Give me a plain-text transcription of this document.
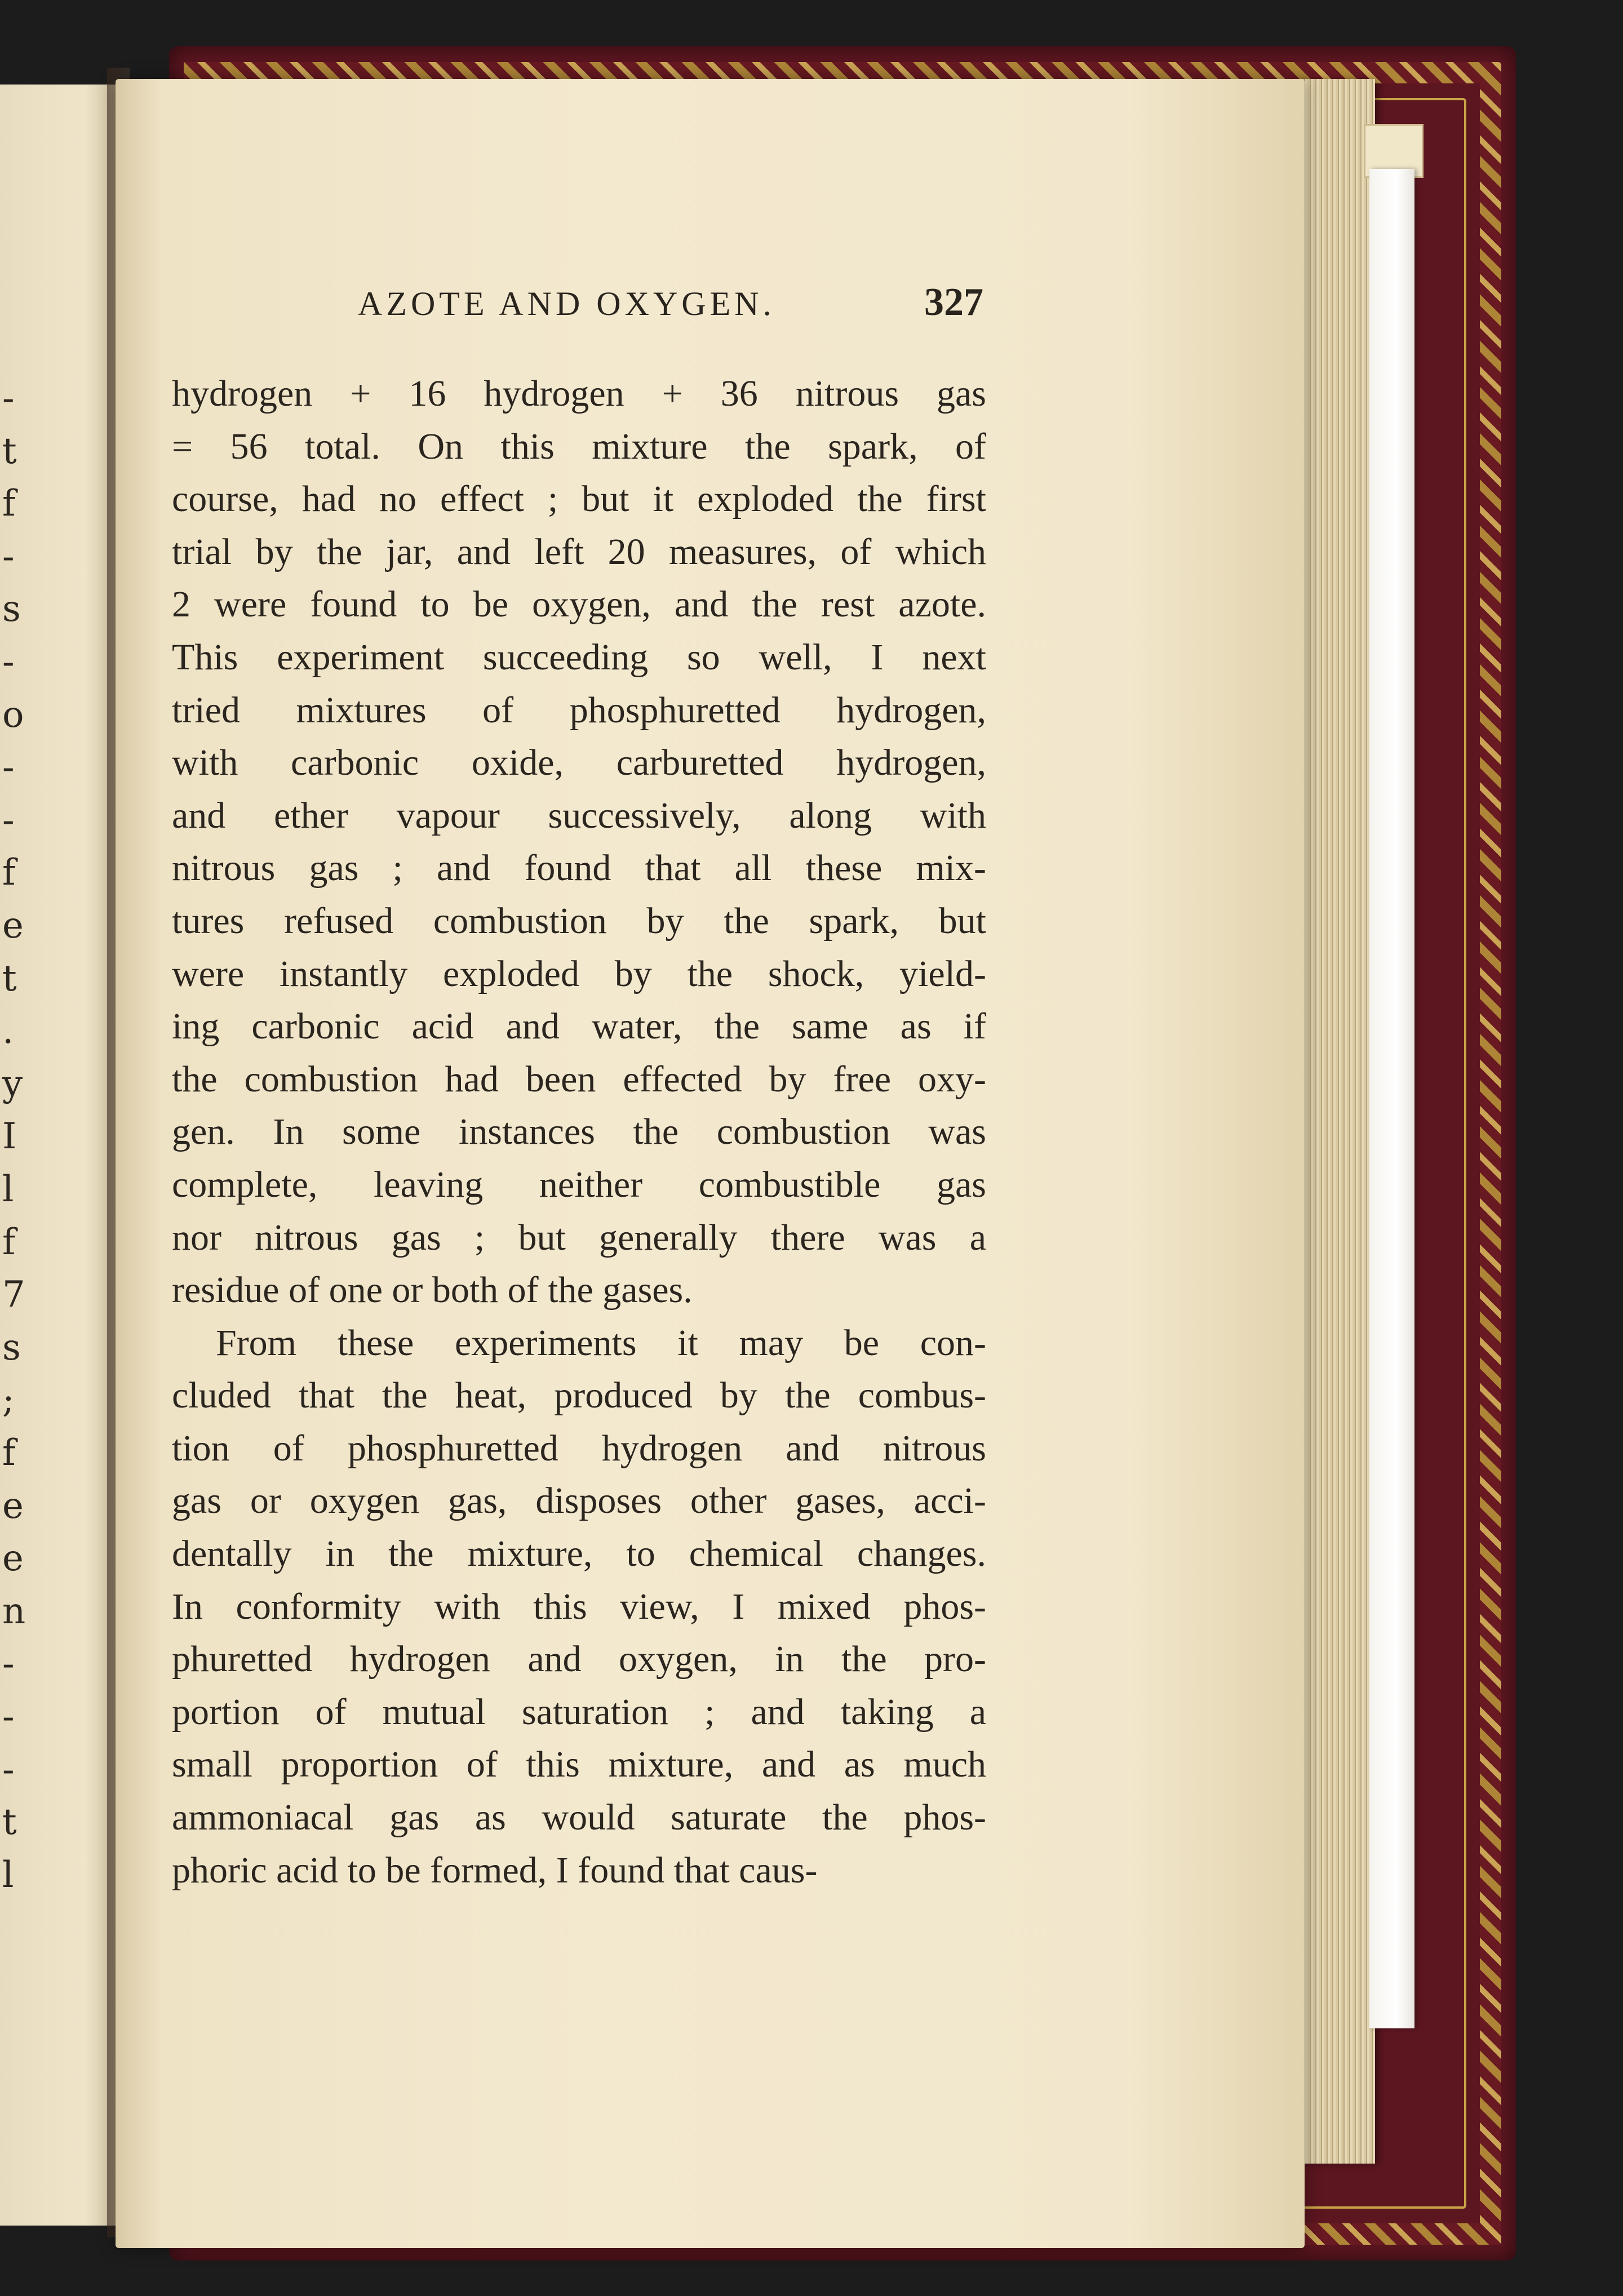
-
t
f
-
s
-
o
-
-
f
e
t
.
y
I
l
f
7
s
;
f
e
e
n
-
-
-
t
l
AZOTE AND OXYGEN.	327
hydrogen + 16 hydrogen + 36 nitrous gas
= 56 total. On this mixture the spark, of
course, had no effect ; but it exploded the first
trial by the jar, and left 20 measures, of which
2 were found to be oxygen, and the rest azote.
This experiment succeeding so well, I next
tried mixtures of phosphuretted hydrogen,
with carbonic oxide, carburetted hydrogen,
and ether vapour successively, along with
nitrous gas ; and found that all these mix-
tures refused combustion by the spark, but
were instantly exploded by the shock, yield-
ing carbonic acid and water, the same as if
the combustion had been effected by free oxy-
gen. In some instances the combustion was
complete, leaving neither combustible gas
nor nitrous gas ; but generally there was a
residue of one or both of the gases.
From these experiments it may be con-
cluded that the heat, produced by the combus-
tion of phosphuretted hydrogen and nitrous
gas or oxygen gas, disposes other gases, acci-
dentally in the mixture, to chemical changes.
In conformity with this view, I mixed phos-
phuretted hydrogen and oxygen, in the pro-
portion of mutual saturation ; and taking a
small proportion of this mixture, and as much
ammoniacal gas as would saturate the phos-
phoric acid to be formed, I found that caus-
